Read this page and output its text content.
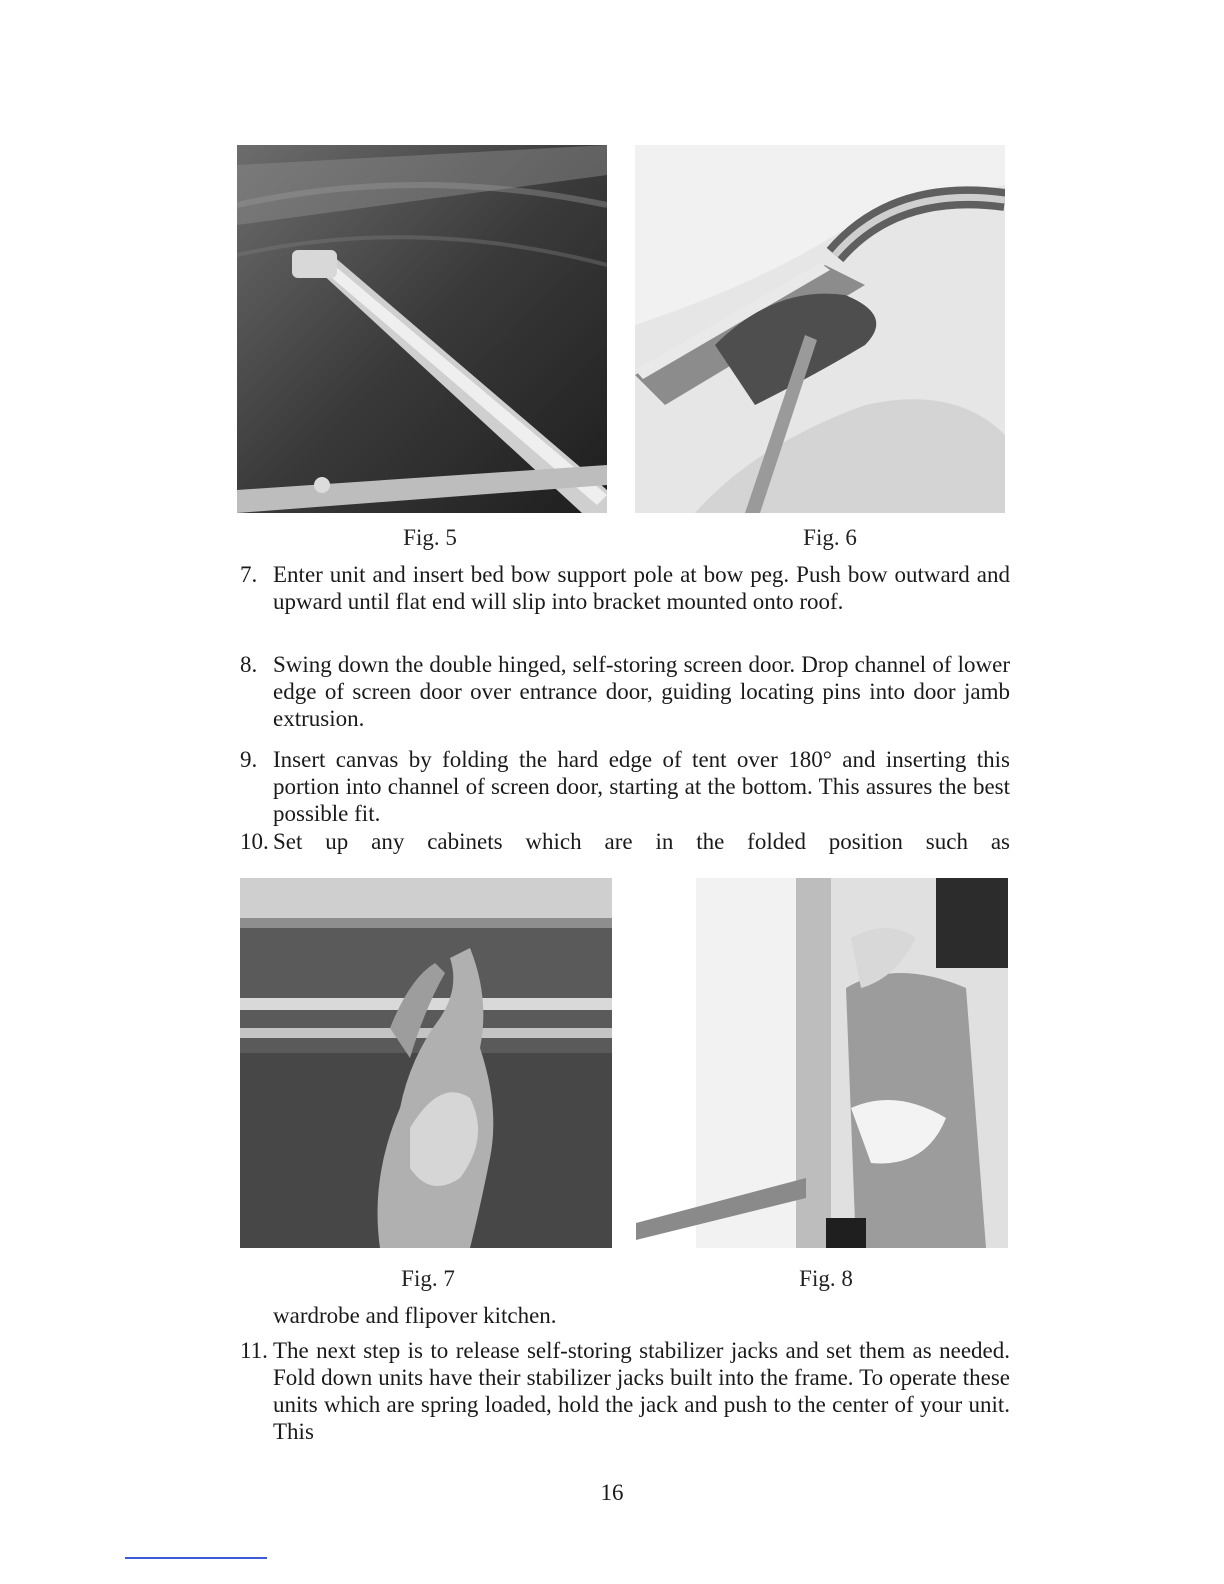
Fig. 5	Fig. 6
7. Enter unit and insert bed bow support pole at bow peg. Push bow outward and upward until flat end will slip into bracket mounted onto roof.
8. Swing down the double hinged, self-storing screen door. Drop channel of lower edge of screen door over entrance door, guiding locating pins into door jamb extrusion.
9. Insert canvas by folding the hard edge of tent over 180° and inserting this portion into channel of screen door, starting at the bottom. This assures the best possible fit.
10. Set up any cabinets which are in the folded position such as
Fig. 7	Fig. 8
wardrobe and flipover kitchen.
11. The next step is to release self-storing stabilizer jacks and set them as needed. Fold down units have their stabilizer jacks built into the frame. To operate these units which are spring loaded, hold the jack and push to the center of your unit. This
16
